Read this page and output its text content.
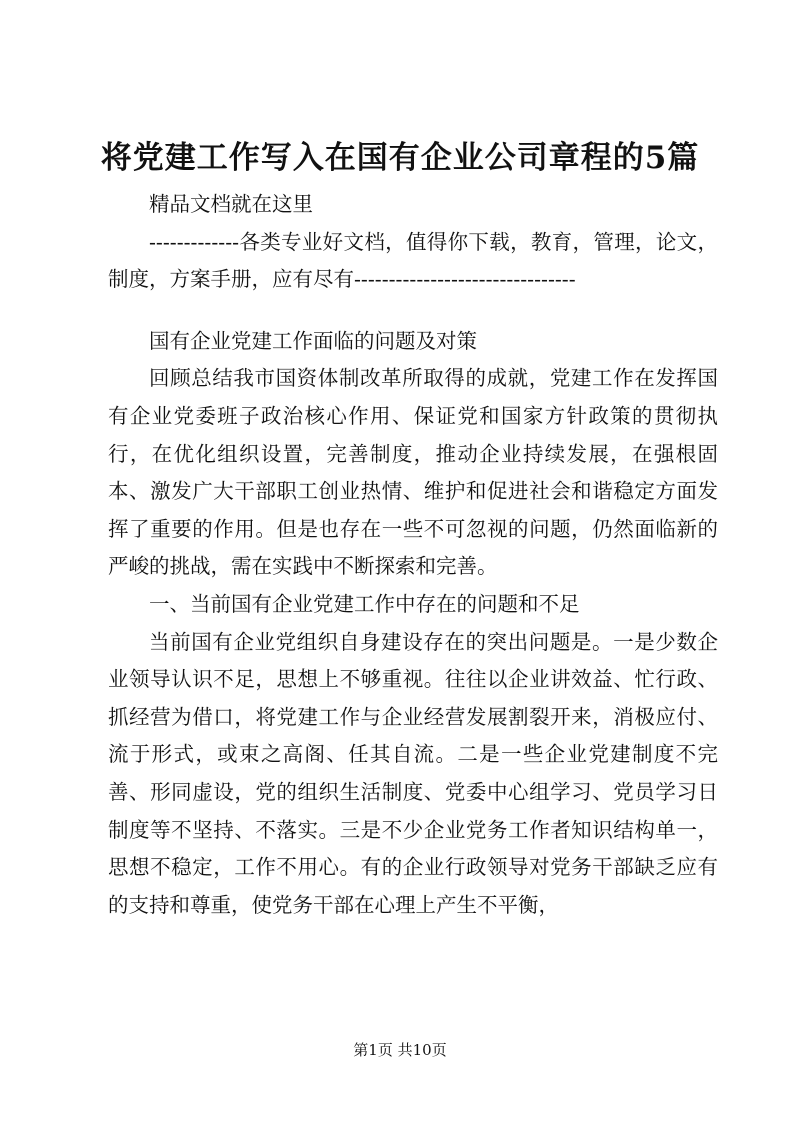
将党建工作写入在国有企业公司章程的5篇

精品文档就在这里

-------------各类专业好文档，值得你下载，教育，管理，论文，制度，方案手册，应有尽有--------------------------------

国有企业党建工作面临的问题及对策

回顾总结我市国资体制改革所取得的成就，党建工作在发挥国有企业党委班子政治核心作用、保证党和国家方针政策的贯彻执行，在优化组织设置，完善制度，推动企业持续发展，在强根固本、激发广大干部职工创业热情、维护和促进社会和谐稳定方面发挥了重要的作用。但是也存在一些不可忽视的问题，仍然面临新的严峻的挑战，需在实践中不断探索和完善。

一、当前国有企业党建工作中存在的问题和不足

当前国有企业党组织自身建设存在的突出问题是。一是少数企业领导认识不足，思想上不够重视。往往以企业讲效益、忙行政、抓经营为借口，将党建工作与企业经营发展割裂开来，消极应付、流于形式，或束之高阁、任其自流。二是一些企业党建制度不完善、形同虚设，党的组织生活制度、党委中心组学习、党员学习日制度等不坚持、不落实。三是不少企业党务工作者知识结构单一，思想不稳定，工作不用心。有的企业行政领导对党务干部缺乏应有的支持和尊重，使党务干部在心理上产生不平衡，

第1页 共10页
